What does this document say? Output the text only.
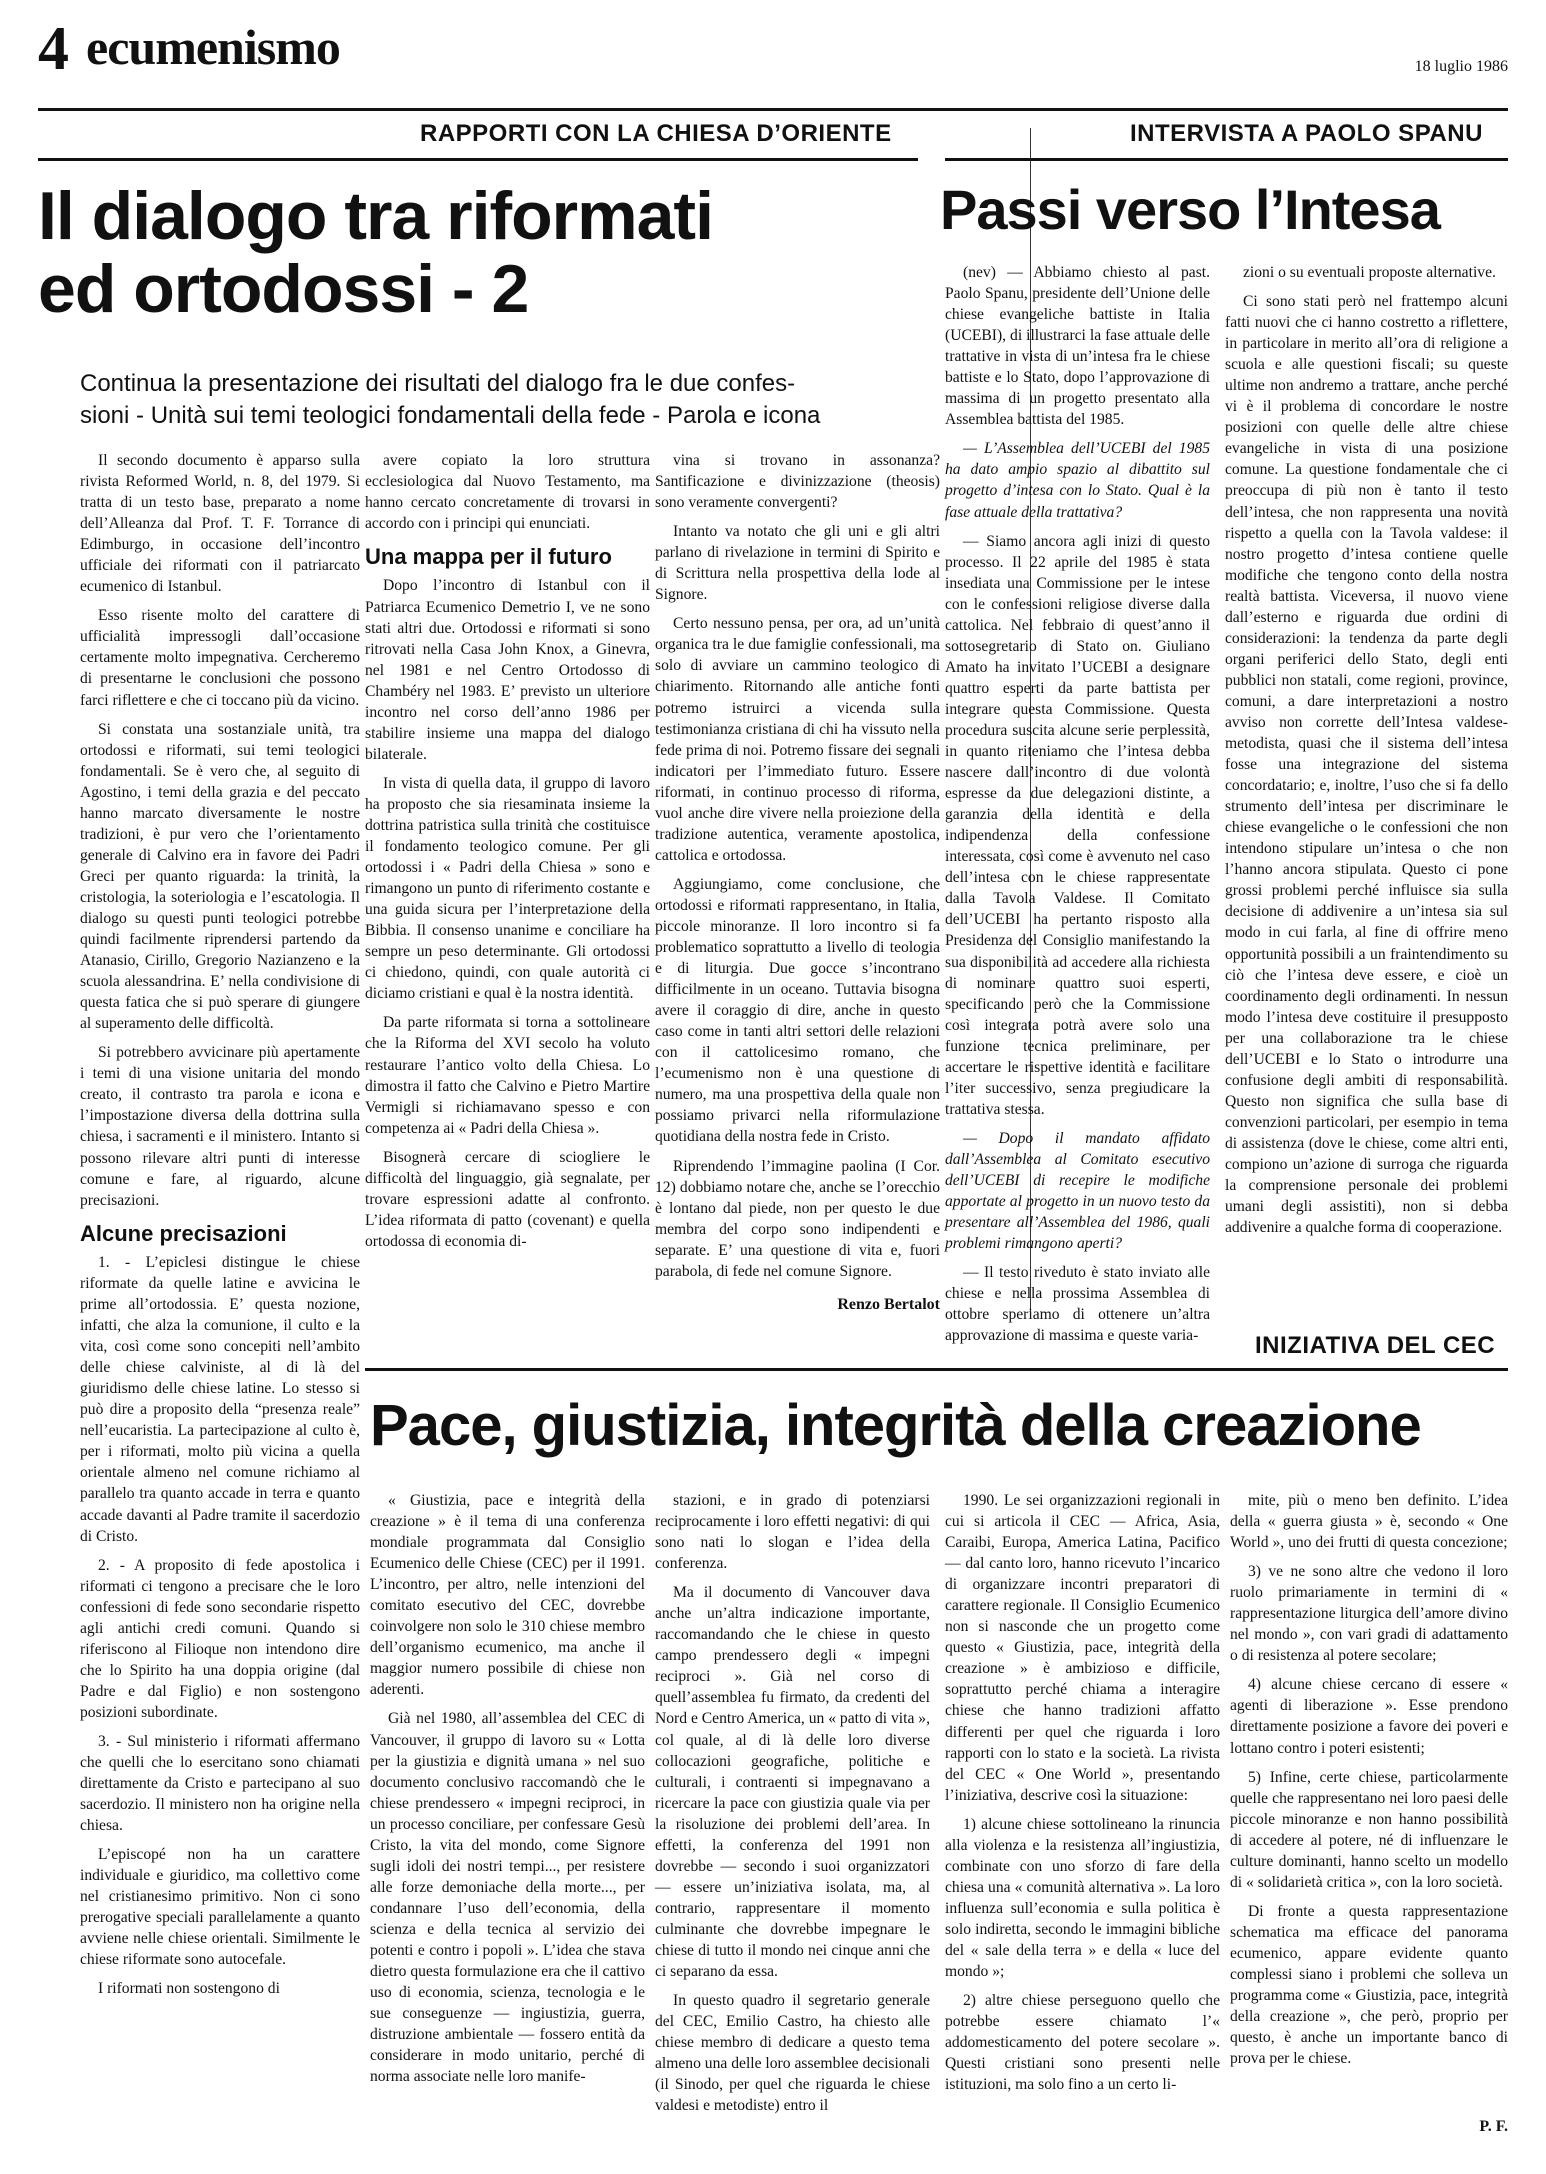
4 ecumenismo	18 luglio 1986
RAPPORTI CON LA CHIESA D’ORIENTE
Il dialogo tra riformati
ed ortodossi - 2
Continua la presentazione dei risultati del dialogo fra le due confes-
sioni - Unità sui temi teologici fondamentali della fede - Parola e icona

Il secondo documento è apparso sulla rivista Reformed World, n. 8, del 1979. Si tratta di un testo base, preparato a nome dell’Alleanza dal Prof. T. F. Torrance di Edimburgo, in occasione dell’incontro ufficiale dei riformati con il patriarcato ecumenico di Istanbul.

Esso risente molto del carattere di ufficialità impressogli dall’occasione certamente molto impegnativa. Cercheremo di presentarne le conclusioni che possono farci riflettere e che ci toccano più da vicino.

Si constata una sostanziale unità, tra ortodossi e riformati, sui temi teologici fondamentali. Se è vero che, al seguito di Agostino, i temi della grazia e del peccato hanno marcato diversamente le nostre tradizioni, è pur vero che l’orientamento generale di Calvino era in favore dei Padri Greci per quanto riguarda: la trinità, la cristologia, la soteriologia e l’escatologia. Il dialogo su questi punti teologici potrebbe quindi facilmente riprendersi partendo da Atanasio, Cirillo, Gregorio Nazianzeno e la scuola alessandrina. E’ nella condivisione di questa fatica che si può sperare di giungere al superamento delle difficoltà.

Si potrebbero avvicinare più apertamente i temi di una visione unitaria del mondo creato, il contrasto tra parola e icona e l’impostazione diversa della dottrina sulla chiesa, i sacramenti e il ministero. Intanto si possono rilevare altri punti di interesse comune e fare, al riguardo, alcune precisazioni.

Alcune precisazioni

1. - L’epiclesi distingue le chiese riformate da quelle latine e avvicina le prime all’ortodossia. E’ questa nozione, infatti, che alza la comunione, il culto e la vita, così come sono concepiti nell’ambito delle chiese calviniste, al di là del giuridismo delle chiese latine. Lo stesso si può dire a proposito della “presenza reale” nell’eucaristia. La partecipazione al culto è, per i riformati, molto più vicina a quella orientale almeno nel comune richiamo al parallelo tra quanto accade in terra e quanto accade davanti al Padre tramite il sacerdozio di Cristo.

2. - A proposito di fede apostolica i riformati ci tengono a precisare che le loro confessioni di fede sono secondarie rispetto agli antichi credi comuni. Quando si riferiscono al Filioque non intendono dire che lo Spirito ha una doppia origine (dal Padre e dal Figlio) e non sostengono posizioni subordinate.

3. - Sul ministerio i riformati affermano che quelli che lo esercitano sono chiamati direttamente da Cristo e partecipano al suo sacerdozio. Il ministero non ha origine nella chiesa.

L’episcopé non ha un carattere individuale e giuridico, ma collettivo come nel cristianesimo primitivo. Non ci sono prerogative speciali parallelamente a quanto avviene nelle chiese orientali. Similmente le chiese riformate sono autocefale.

I riformati non sostengono di

avere copiato la loro struttura ecclesiologica dal Nuovo Testamento, ma hanno cercato concretamente di trovarsi in accordo con i principi qui enunciati.

Una mappa per il futuro

Dopo l’incontro di Istanbul con il Patriarca Ecumenico Demetrio I, ve ne sono stati altri due. Ortodossi e riformati si sono ritrovati nella Casa John Knox, a Ginevra, nel 1981 e nel Centro Ortodosso di Chambéry nel 1983. E’ previsto un ulteriore incontro nel corso dell’anno 1986 per stabilire insieme una mappa del dialogo bilaterale.

In vista di quella data, il gruppo di lavoro ha proposto che sia riesaminata insieme la dottrina patristica sulla trinità che costituisce il fondamento teologico comune. Per gli ortodossi i « Padri della Chiesa » sono e rimangono un punto di riferimento costante e una guida sicura per l’interpretazione della Bibbia. Il consenso unanime e conciliare ha sempre un peso determinante. Gli ortodossi ci chiedono, quindi, con quale autorità ci diciamo cristiani e qual è la nostra identità.

Da parte riformata si torna a sottolineare che la Riforma del XVI secolo ha voluto restaurare l’antico volto della Chiesa. Lo dimostra il fatto che Calvino e Pietro Martire Vermigli si richiamavano spesso e con competenza ai « Padri della Chiesa ».

Bisognerà cercare di sciogliere le difficoltà del linguaggio, già segnalate, per trovare espressioni adatte al confronto. L’idea riformata di patto (covenant) e quella ortodossa di economia di-

vina si trovano in assonanza? Santificazione e divinizzazione (theosis) sono veramente convergenti?

Intanto va notato che gli uni e gli altri parlano di rivelazione in termini di Spirito e di Scrittura nella prospettiva della lode al Signore.

Certo nessuno pensa, per ora, ad un’unità organica tra le due famiglie confessionali, ma solo di avviare un cammino teologico di chiarimento. Ritornando alle antiche fonti potremo istruirci a vicenda sulla testimonianza cristiana di chi ha vissuto nella fede prima di noi. Potremo fissare dei segnali indicatori per l’immediato futuro. Essere riformati, in continuo processo di riforma, vuol anche dire vivere nella proiezione della tradizione autentica, veramente apostolica, cattolica e ortodossa.

Aggiungiamo, come conclusione, che ortodossi e riformati rappresentano, in Italia, piccole minoranze. Il loro incontro si fa problematico soprattutto a livello di teologia e di liturgia. Due gocce s’incontrano difficilmente in un oceano. Tuttavia bisogna avere il coraggio di dire, anche in questo caso come in tanti altri settori delle relazioni con il cattolicesimo romano, che l’ecumenismo non è una questione di numero, ma una prospettiva della quale non possiamo privarci nella riformulazione quotidiana della nostra fede in Cristo.

Riprendendo l’immagine paolina (I Cor. 12) dobbiamo notare che, anche se l’orecchio è lontano dal piede, non per questo le due membra del corpo sono indipendenti e separate. E’ una questione di vita e, fuori parabola, di fede nel comune Signore.

Renzo Bertalot
INTERVISTA A PAOLO SPANU
Passi verso l’Intesa

(nev) — Abbiamo chiesto al past. Paolo Spanu, presidente dell’Unione delle chiese evangeliche battiste in Italia (UCEBI), di illustrarci la fase attuale delle trattative in vista di un’intesa fra le chiese battiste e lo Stato, dopo l’approvazione di massima di un progetto presentato alla Assemblea battista del 1985.

— L’Assemblea dell’UCEBI del 1985 ha dato ampio spazio al dibattito sul progetto d’intesa con lo Stato. Qual è la fase attuale della trattativa?

— Siamo ancora agli inizi di questo processo. Il 22 aprile del 1985 è stata insediata una Commissione per le intese con le confessioni religiose diverse dalla cattolica. Nel febbraio di quest’anno il sottosegretario di Stato on. Giuliano Amato ha invitato l’UCEBI a designare quattro esperti da parte battista per integrare questa Commissione. Questa procedura suscita alcune serie perplessità, in quanto riteniamo che l’intesa debba nascere dall’incontro di due volontà espresse da due delegazioni distinte, a garanzia della identità e della indipendenza della confessione interessata, così come è avvenuto nel caso dell’intesa con le chiese rappresentate dalla Tavola Valdese. Il Comitato dell’UCEBI ha pertanto risposto alla Presidenza del Consiglio manifestando la sua disponibilità ad accedere alla richiesta di nominare quattro suoi esperti, specificando però che la Commissione così integrata potrà avere solo una funzione tecnica preliminare, per accertare le rispettive identità e facilitare l’iter successivo, senza pregiudicare la trattativa stessa.

— Dopo il mandato affidato dall’Assemblea al Comitato esecutivo dell’UCEBI di recepire le modifiche apportate al progetto in un nuovo testo da presentare all’Assemblea del 1986, quali problemi rimangono aperti?

— Il testo riveduto è stato inviato alle chiese e nella prossima Assemblea di ottobre speriamo di ottenere un’altra approvazione di massima e queste varia-

zioni o su eventuali proposte alternative.

Ci sono stati però nel frattempo alcuni fatti nuovi che ci hanno costretto a riflettere, in particolare in merito all’ora di religione a scuola e alle questioni fiscali; su queste ultime non andremo a trattare, anche perché vi è il problema di concordare le nostre posizioni con quelle delle altre chiese evangeliche in vista di una posizione comune. La questione fondamentale che ci preoccupa di più non è tanto il testo dell’intesa, che non rappresenta una novità rispetto a quella con la Tavola valdese: il nostro progetto d’intesa contiene quelle modifiche che tengono conto della nostra realtà battista. Viceversa, il nuovo viene dall’esterno e riguarda due ordini di considerazioni: la tendenza da parte degli organi periferici dello Stato, degli enti pubblici non statali, come regioni, province, comuni, a dare interpretazioni a nostro avviso non corrette dell’Intesa valdese-metodista, quasi che il sistema dell’intesa fosse una integrazione del sistema concordatario; e, inoltre, l’uso che si fa dello strumento dell’intesa per discriminare le chiese evangeliche o le confessioni che non intendono stipulare un’intesa o che non l’hanno ancora stipulata. Questo ci pone grossi problemi perché influisce sia sulla decisione di addivenire a un’intesa sia sul modo in cui farla, al fine di offrire meno opportunità possibili a un fraintendimento su ciò che l’intesa deve essere, e cioè un coordinamento degli ordinamenti. In nessun modo l’intesa deve costituire il presupposto per una collaborazione tra le chiese dell’UCEBI e lo Stato o introdurre una confusione degli ambiti di responsabilità. Questo non significa che sulla base di convenzioni particolari, per esempio in tema di assistenza (dove le chiese, come altri enti, compiono un’azione di surroga che riguarda la comprensione personale dei problemi umani degli assistiti), non si debba addivenire a qualche forma di cooperazione.

INIZIATIVA DEL CEC
Pace, giustizia, integrità della creazione

« Giustizia, pace e integrità della creazione » è il tema di una conferenza mondiale programmata dal Consiglio Ecumenico delle Chiese (CEC) per il 1991. L’incontro, per altro, nelle intenzioni del comitato esecutivo del CEC, dovrebbe coinvolgere non solo le 310 chiese membro dell’organismo ecumenico, ma anche il maggior numero possibile di chiese non aderenti.

Già nel 1980, all’assemblea del CEC di Vancouver, il gruppo di lavoro su « Lotta per la giustizia e dignità umana » nel suo documento conclusivo raccomandò che le chiese prendessero « impegni reciproci, in un processo conciliare, per confessare Gesù Cristo, la vita del mondo, come Signore sugli idoli dei nostri tempi..., per resistere alle forze demoniache della morte..., per condannare l’uso dell’economia, della scienza e della tecnica al servizio dei potenti e contro i popoli ». L’idea che stava dietro questa formulazione era che il cattivo uso di economia, scienza, tecnologia e le sue conseguenze — ingiustizia, guerra, distruzione ambientale — fossero entità da considerare in modo unitario, perché di norma associate nelle loro manife-

stazioni, e in grado di potenziarsi reciprocamente i loro effetti negativi: di qui sono nati lo slogan e l’idea della conferenza.

Ma il documento di Vancouver dava anche un’altra indicazione importante, raccomandando che le chiese in questo campo prendessero degli « impegni reciproci ». Già nel corso di quell’assemblea fu firmato, da credenti del Nord e Centro America, un « patto di vita », col quale, al di là delle loro diverse collocazioni geografiche, politiche e culturali, i contraenti si impegnavano a ricercare la pace con giustizia quale via per la risoluzione dei problemi dell’area. In effetti, la conferenza del 1991 non dovrebbe — secondo i suoi organizzatori — essere un’iniziativa isolata, ma, al contrario, rappresentare il momento culminante che dovrebbe impegnare le chiese di tutto il mondo nei cinque anni che ci separano da essa.

In questo quadro il segretario generale del CEC, Emilio Castro, ha chiesto alle chiese membro di dedicare a questo tema almeno una delle loro assemblee decisionali (il Sinodo, per quel che riguarda le chiese valdesi e metodiste) entro il

1990. Le sei organizzazioni regionali in cui si articola il CEC — Africa, Asia, Caraibi, Europa, America Latina, Pacifico — dal canto loro, hanno ricevuto l’incarico di organizzare incontri preparatori di carattere regionale. Il Consiglio Ecumenico non si nasconde che un progetto come questo « Giustizia, pace, integrità della creazione » è ambizioso e difficile, soprattutto perché chiama a interagire chiese che hanno tradizioni affatto differenti per quel che riguarda i loro rapporti con lo stato e la società. La rivista del CEC « One World », presentando l’iniziativa, descrive così la situazione:

1) alcune chiese sottolineano la rinuncia alla violenza e la resistenza all’ingiustizia, combinate con uno sforzo di fare della chiesa una « comunità alternativa ». La loro influenza sull’economia e sulla politica è solo indiretta, secondo le immagini bibliche del « sale della terra » e della « luce del mondo »;

2) altre chiese perseguono quello che potrebbe essere chiamato l’« addomesticamento del potere secolare ». Questi cristiani sono presenti nelle istituzioni, ma solo fino a un certo li-

mite, più o meno ben definito. L’idea della « guerra giusta » è, secondo « One World », uno dei frutti di questa concezione;

3) ve ne sono altre che vedono il loro ruolo primariamente in termini di « rappresentazione liturgica dell’amore divino nel mondo », con vari gradi di adattamento o di resistenza al potere secolare;

4) alcune chiese cercano di essere « agenti di liberazione ». Esse prendono direttamente posizione a favore dei poveri e lottano contro i poteri esistenti;

5) Infine, certe chiese, particolarmente quelle che rappresentano nei loro paesi delle piccole minoranze e non hanno possibilità di accedere al potere, né di influenzare le culture dominanti, hanno scelto un modello di « solidarietà critica », con la loro società.

Di fronte a questa rappresentazione schematica ma efficace del panorama ecumenico, appare evidente quanto complessi siano i problemi che solleva un programma come « Giustizia, pace, integrità della creazione », che però, proprio per questo, è anche un importante banco di prova per le chiese.

P. F.
